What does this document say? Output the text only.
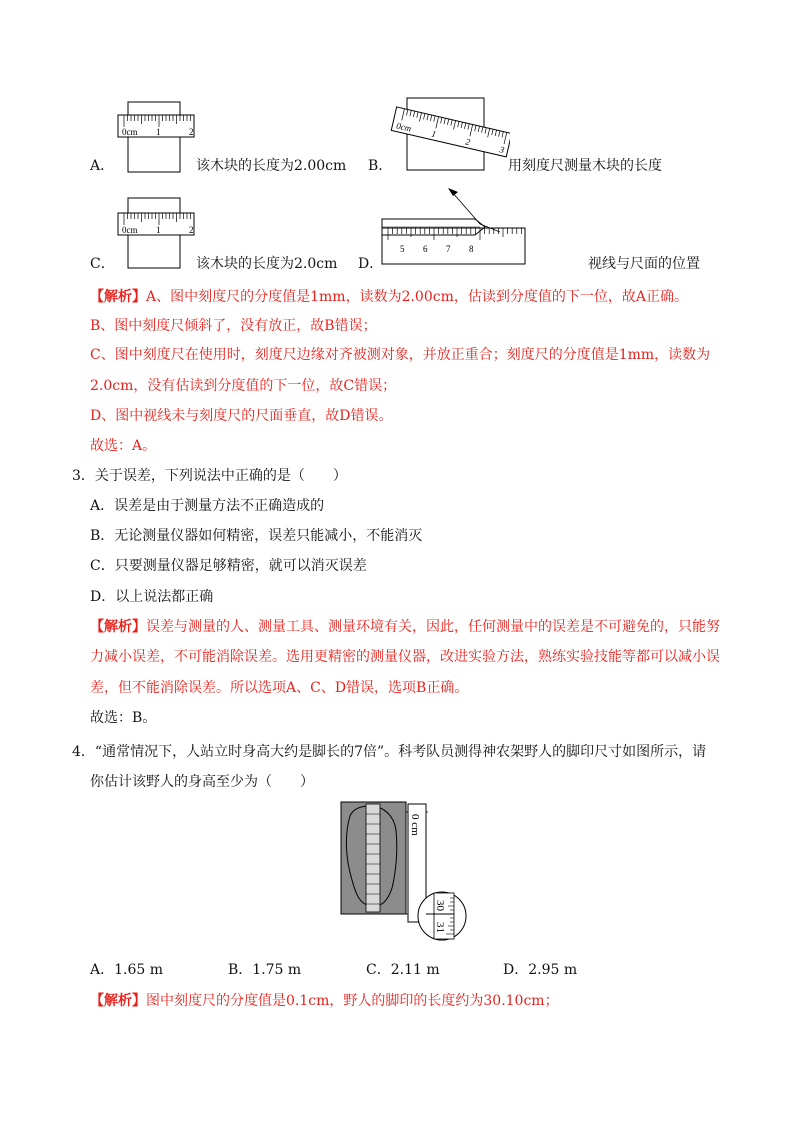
0cm 1	2	0cm
1
2
3
0cm 1	2
5 6 7 8
A．	该木块的长度为2.00cm B．	用刻度尺测量木块的长度
C．	该木块的长度为2.0cm D．	视线与尺面的位置
【解析】A、图中刻度尺的分度值是1mm，读数为2.00cm，估读到分度值的下一位，故A正确。
B、图中刻度尺倾斜了，没有放正，故B错误；
C、图中刻度尺在使用时，刻度尺边缘对齐被测对象，并放正重合；刻度尺的分度值是1mm，读数为
2.0cm，没有估读到分度值的下一位，故C错误；
D、图中视线未与刻度尺的尺面垂直，故D错误。
故选：A。
3．关于误差，下列说法中正确的是（　　）
A．误差是由于测量方法不正确造成的
B．无论测量仪器如何精密，误差只能减小，不能消灭
C．只要测量仪器足够精密，就可以消灭误差
D．以上说法都正确
【解析】误差与测量的人、测量工具、测量环境有关，因此，任何测量中的误差是不可避免的，只能努
力减小误差，不可能消除误差。选用更精密的测量仪器，改进实验方法，熟练实验技能等都可以减小误
差，但不能消除误差。所以选项A、C、D错误，选项B正确。
故选：B。
4．“通常情况下，人站立时身高大约是脚长的7倍”。科考队员测得神农架野人的脚印尺寸如图所示，请
你估计该野人的身高至少为（　　）
0 cm
30
31
A．1.65 m	B．1.75 m	C．2.11 m	D．2.95 m
【解析】图中刻度尺的分度值是0.1cm，野人的脚印的长度约为30.10cm；
